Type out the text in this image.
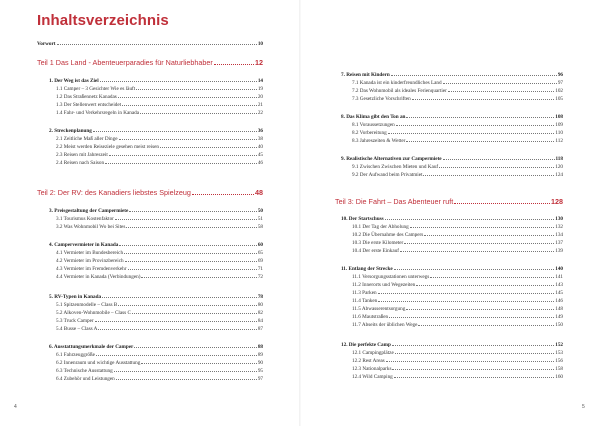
Inhaltsverzeichnis
Vorwort	10
Teil 1 Das Land - Abenteuerparadies für Naturliebhaber	12
1. Der Weg ist das Ziel	14
1.1 Camper – 3 Gesichter Wie es läuft	19
1.2 Das Straßennetz Kanadas	20
1.3 Der Stellenwert entscheidet	21
1.4 Fahr- und Verkehrsregeln in Kanada	22
2. Streckenplanung	36
2.1 Zeitliche Maß aller Dinge	38
2.2 Meist werden Reiseziele gesehen meist reisen	40
2.3 Reisen mit Jahreszeit	45
2.4 Reisen nach Saison	46
Teil 2: Der RV: des Kanadiers liebstes Spielzeug	48
3. Preisgestaltung der Campermiete	50
3.1 Tourismus Kostenfaktor	51
3.2 Was Wohnmobil Wo bei Sites	58
4. Campervermieter in Kanada	60
4.1 Vermieter im Bundesbereich	65
4.2 Vermieter im Provinzbereich	69
4.3 Vermieter im Fremdenverkehr	71
4.4 Vermieter in Kanada (Verbindungen)	72
5. RV-Typen in Kanada	78
5.1 Spitzenmodelle – Class B	80
5.2 Alkoven-Wohnmobile – Class C	82
5.3 Truck Camper	84
5.4 Busse – Class A	87
6. Ausstattungsmerkmale der Camper	88
6.1 Fahrzeuggröße	89
6.2 Innenraum und wichtige Ausstattung	90
6.3 Technische Ausstattung	95
6.4 Zubehör und Leistungen	97
4
7. Reisen mit Kindern	96
7.1 Kanada ist ein kinderfreundliches Land	97
7.2 Das Wohnmobil als ideales Ferienquartier	102
7.3 Gesetzliche Vorschriften	105
8. Das Klima gibt den Ton an	108
8.1 Voraussetzungen	109
8.2 Vorbereitung	110
8.3 Jahreszeiten & Wetter	112
9. Realistische Alternativen zur Campermiete	118
9.1 Zwischen Zwischen Mieten und Kauf	120
9.2 Der Aufwand beim Privatmiet	124
Teil 3: Die Fahrt – Das Abenteuer ruft	128
10. Der Startschuss	130
10.1 Der Tag der Abholung	132
10.2 Die Übernahme des Campers	134
10.3 Die erste Kilometer	137
10.4 Der erste Einkauf	139
11. Entlang der Strecke	140
11.1 Versorgungsstationen unterwegs	141
11.2 Innerorts und Wegezeiten	143
11.3 Parken	145
11.4 Tanken	146
11.5 Abwasserentsorgung	148
11.6 Mautstraßen	149
11.7 Abseits der üblichen Wege	150
12. Die perfekte Camp	152
12.1 Campingplätze	153
12.2 Rest Areas	156
12.3 Nationalparks	158
12.4 Wild Camping	160
5
